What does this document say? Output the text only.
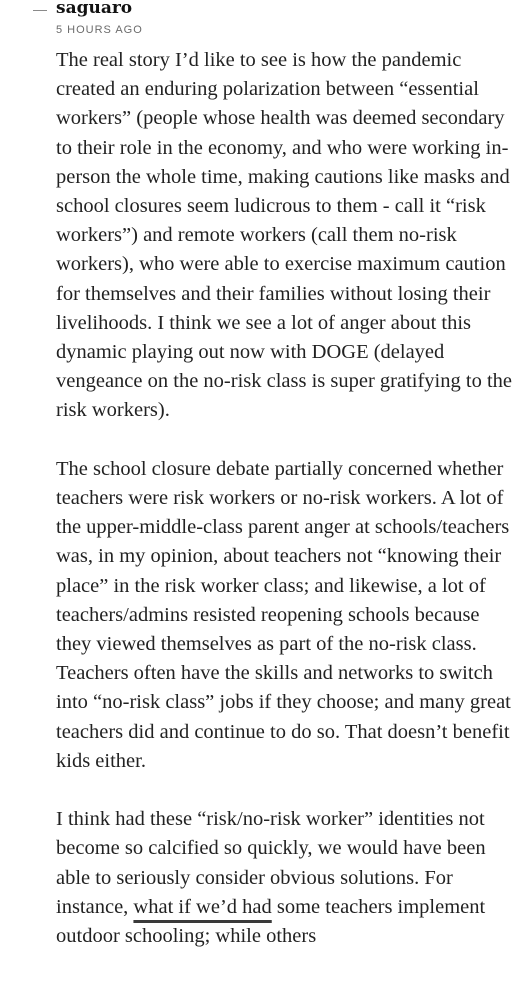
saguaro
5 HOURS AGO

The real story I’d like to see is how the pandemic created an enduring polarization between “essential workers” (people whose health was deemed secondary to their role in the economy, and who were working in-person the whole time, making cautions like masks and school closures seem ludicrous to them - call it “risk workers”) and remote workers (call them no-risk workers), who were able to exercise maximum caution for themselves and their families without losing their livelihoods. I think we see a lot of anger about this dynamic playing out now with DOGE (delayed vengeance on the no-risk class is super gratifying to the risk workers).

The school closure debate partially concerned whether teachers were risk workers or no-risk workers. A lot of the upper-middle-class parent anger at schools/teachers was, in my opinion, about teachers not “knowing their place” in the risk worker class; and likewise, a lot of teachers/admins resisted reopening schools because they viewed themselves as part of the no-risk class. Teachers often have the skills and networks to switch into “no-risk class” jobs if they choose; and many great teachers did and continue to do so. That doesn’t benefit kids either.

I think had these “risk/no-risk worker” identities not become so calcified so quickly, we would have been able to seriously consider obvious solutions. For instance, what if we’d had some teachers implement outdoor schooling; while others
